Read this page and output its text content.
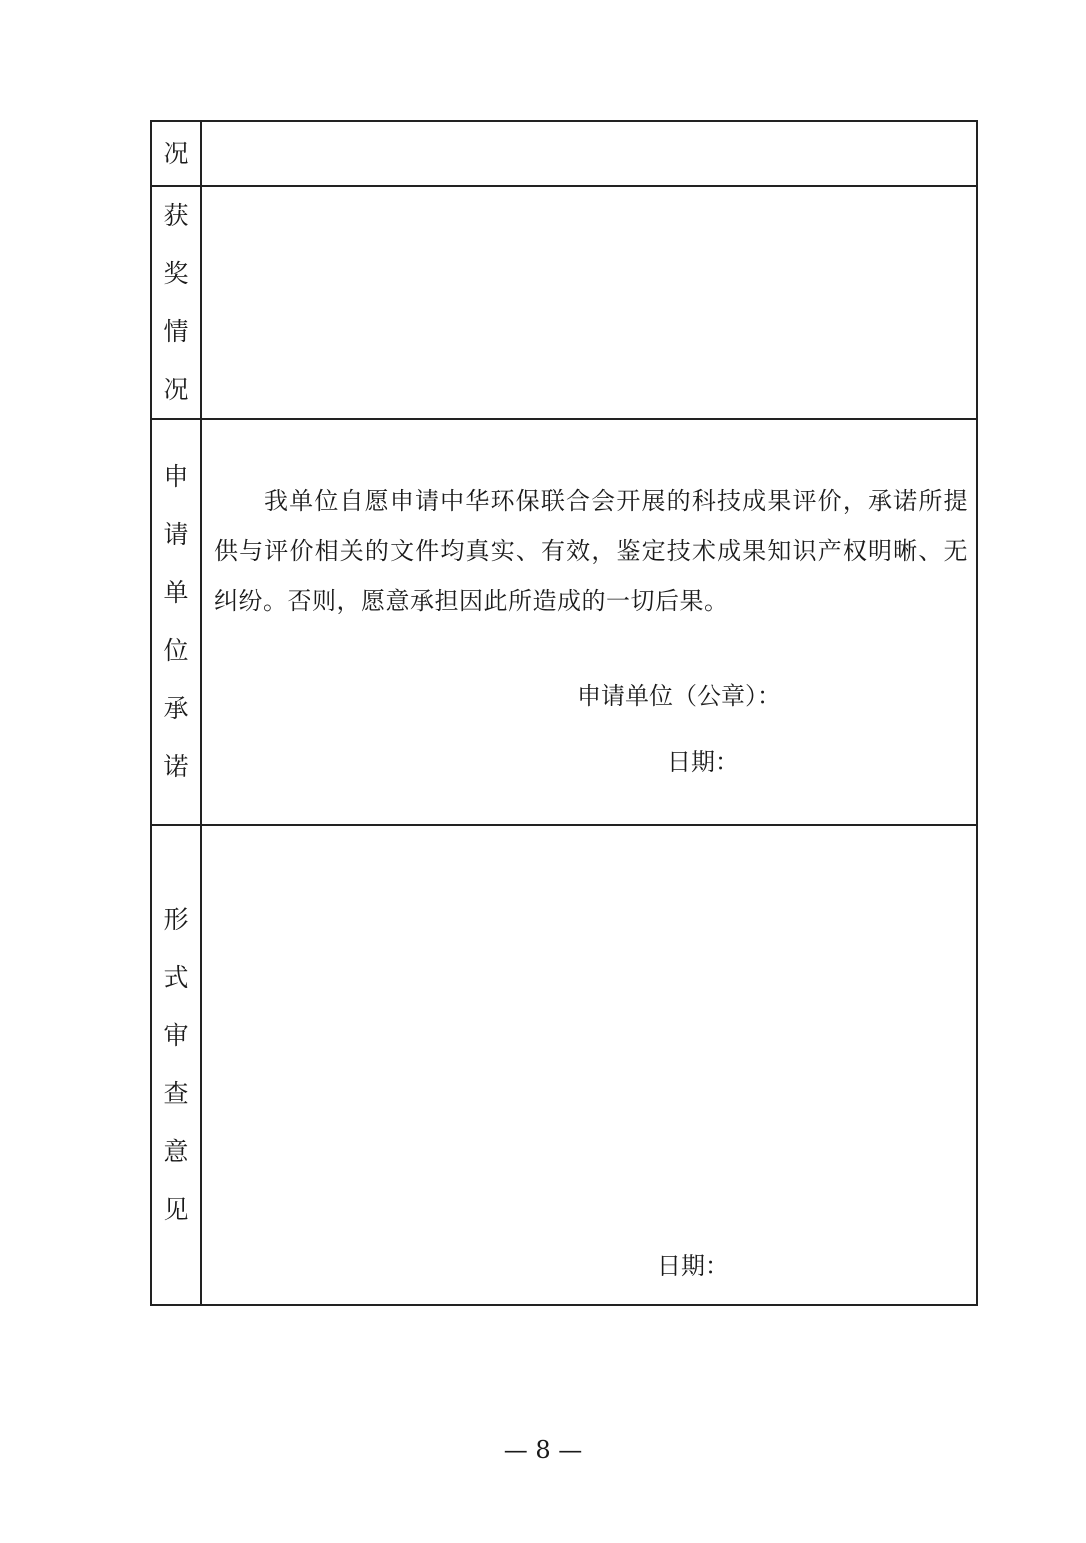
况
获
奖
情
况
申
请
单
位
承
诺
我单位自愿申请中华环保联合会开展的科技成果评价，承诺所提供与评价相关的文件均真实、有效，鉴定技术成果知识产权明晰、无纠纷。否则，愿意承担因此所造成的一切后果。
申请单位（公章）：
日期：
形
式
审
查
意
见
日期：
— 8 —
